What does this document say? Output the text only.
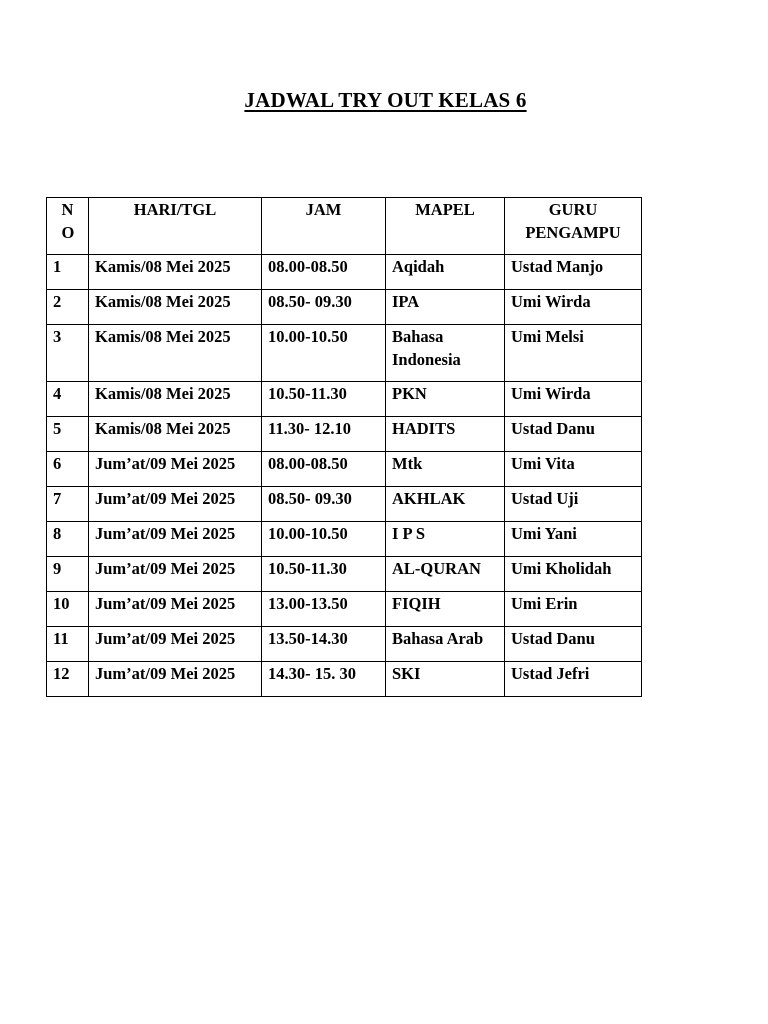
JADWAL TRY OUT KELAS 6
NO	HARI/TGL	JAM	MAPEL	GURU PENGAMPU
1	Kamis/08 Mei 2025	08.00-08.50	Aqidah	Ustad Manjo
2	Kamis/08 Mei 2025	08.50- 09.30	IPA	Umi Wirda
3	Kamis/08 Mei 2025	10.00-10.50	Bahasa Indonesia	Umi Melsi
4	Kamis/08 Mei 2025	10.50-11.30	PKN	Umi Wirda
5	Kamis/08 Mei 2025	11.30- 12.10	HADITS	Ustad Danu
6	Jum’at/09 Mei 2025	08.00-08.50	Mtk	Umi Vita
7	Jum’at/09 Mei 2025	08.50- 09.30	AKHLAK	Ustad Uji
8	Jum’at/09 Mei 2025	10.00-10.50	I P S	Umi Yani
9	Jum’at/09 Mei 2025	10.50-11.30	AL-QURAN	Umi Kholidah
10	Jum’at/09 Mei 2025	13.00-13.50	FIQIH	Umi Erin
11	Jum’at/09 Mei 2025	13.50-14.30	Bahasa Arab	Ustad Danu
12	Jum’at/09 Mei 2025	14.30- 15. 30	SKI	Ustad Jefri
